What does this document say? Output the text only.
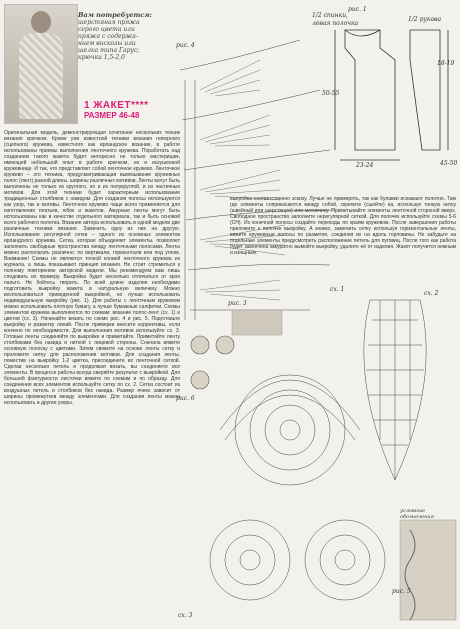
Вам потребуется:
шерстяная пряжа
серого цвета или
пряжа с содержа-
нием вискозы или
шелка типа Гарус;
крючки 1,5-2,0
1 ЖАКЕТ****
РАЗМЕР 46-48
Оригинальная модель, демонстрирующая сочетание нескольких техник вязания крючком. Кроме уже известной техники вязания гипюрного (сцепного) кружева, известного как ирландское вязание, в работе использованы приемы выполнения ленточного кружева. Поработать над созданием такого жакета будет интересно не только мастерицам, имеющей небольшой опыт в работе крючком, но и искушенной кружевнице. И так, что представляет собой ленточное кружево. Ленточное кружево – это техника, предусматривающая вывязывание кружевных полос (лент) разной длины, ширины различных мотивов. Ленты могут быть выполнены не только из круглого, но и из полукруглой, и из частичных мотивов. Для этой техники будет характерным использование традиционных столбиков с накидом. Для создания полосы используются как узор, так и мотивы. Ленточное кружево чаще всего применяется для изготовления платьев, юбок и жакетов. Ажурные ленты могут быть использованы как в качестве отдельного материала, так и быть основой всего рабочего полотна. Вязание автора использовать в одной модели две различные техники вязания. Заменить одну из них на другую. Использование регулярной сетки – одного из основных элементов ирландского кружева. Сетка, которая объединяет элементы, позволяет заполнить свободные пространства между ленточными полосами. Ленты можно располагать различно: по вертикали, горизонтали или под углом. Внимание! Схемы не являются точной копией ленточного кружева из журнала, а лишь показывают принцип вязания. Не стоит стремиться к полному повторению авторской модели. Мы рекомендуем вам лишь следовать их примеру. Выкройка будет несколько отличаться от кроя пальто. Не бойтесь творить. По всей длине изделия необходимо подготовить выкройку жакета в натуральную величину. Можно воспользоваться приведенной выкройкой, но лучше использовать индивидуальную выкройку (рис. 1). Для работы с ленточным кружевом можно использовать плотную бумагу, а лучше бумажные салфетки. Схемы элементов кружева выполняются по схемам: вязание полос-лент (сх. 1) и цветов (сх. 3). Начинайте вязать по схеме рис. 4 и рис. 5. Подготовьте выкройку и разметку линий. После примерки внесите коррективы, если кончено по необходимости. Для выполнения мотивов используйте сх. 3. Готовые ленты соединяйте по выкройке и приметайте. Приметайте ленту столбиками без накида и ниткой с лицевой стороны. Сначала вяжите основную полоску с цветами. Затем свяжите на основе ленты сетку и проложите нитку для расположения мотивов. Для создания ленты, поместив на выкройку 1-2 цветка, присоедините их ленточной сеткой. Сделав несколько петель и продолжая вязать, вы соединяете все элементы. В процессе работы всегда сверяйте результат с выкройкой. Для большей фактурности листочки вяжите по схемам и по образцу. Для соединения всех элементов используйте сетку по сх. 2. Сетка состоит из воздушных петель и столбиков без накида. Размер ячеек зависит от ширины промежутков между элементами. Для создания ленты можно использовать и другие узоры.
рис. 1
1/2 спинки,
левая полочка
1/2 рукава
рис. 4
сх. 1
сх. 2
сх. 3
рис. 3
рис. 5
рис. 6
23-24
50-55
18-19
45-50
условные обозначения
выкройка соответственно эскизу. Лучше не примерять, так как булавки искажают полотно. Там где элементы соприкасаются между собой, скрепите (сшейте) на, используя тонкую нитку (швейный или шерстяную) или мотивчику. Приметывайте элементы ленточной стороной вверх. Свободное пространство заполните нерегулярной сеткой. Для полочек используйте схемы 5-6 (СН). Из конечной полосы создайте переходы по краям кружевом. После завершения работы приложите к полочке выкройку. А можно, заменить сетку используя горизонтальные ленты, вяжите кружевные полосы по разметке, соединяя их на вдоль горловины. Не забудьте на отдельные элементы предусмотреть расположение петель для пуговиц. После того как работа будет закончена аккуратно вымойте выкройку, удалите её от изделия. Жакет получится нежным и изящным.
